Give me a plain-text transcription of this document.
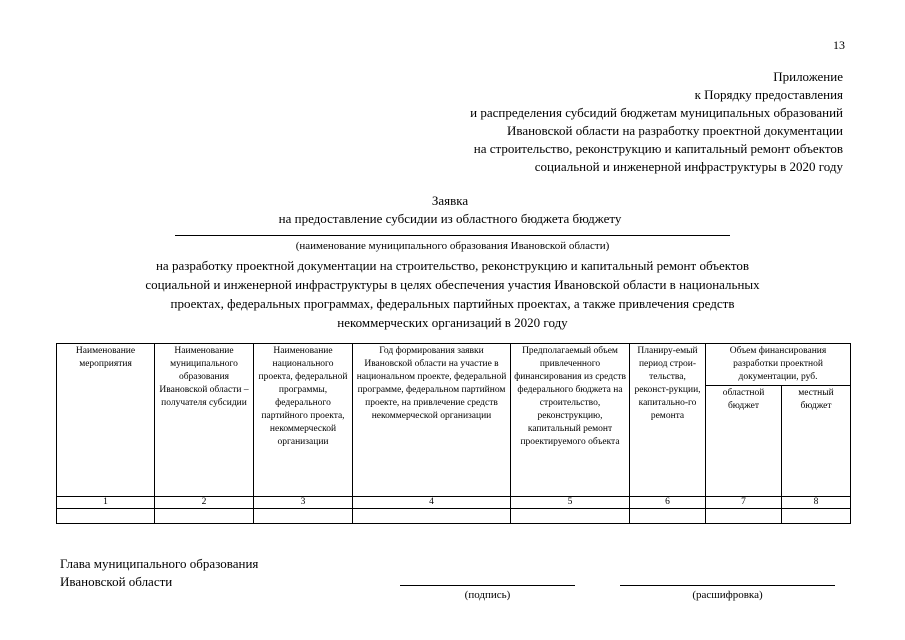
13
Приложение
к Порядку предоставления
и распределения субсидий бюджетам муниципальных образований
Ивановской области на разработку проектной документации
на строительство, реконструкцию и капитальный ремонт объектов
социальной и инженерной инфраструктуры в 2020 году
Заявка
на предоставление субсидии из областного бюджета бюджету
(наименование муниципального образования Ивановской области)
на разработку проектной документации на строительство, реконструкцию и капитальный ремонт объектов
социальной и инженерной инфраструктуры в целях обеспечения участия Ивановской области в национальных
проектах, федеральных программах, федеральных партийных проектах, а также привлечения средств
некоммерческих организаций в 2020 году
Наименование мероприятия	Наименование муниципального образования Ивановской области – получателя субсидии	Наименование национального проекта, федеральной программы, федерального партийного проекта, некоммерческой организации	Год формирования заявки Ивановской области на участие в национальном проекте, федеральной программе, федеральном партийном проекте, на привлечение средств некоммерческой организации	Предполагаемый объем привлеченного финансирования из средств федерального бюджета на строительство, реконструкцию, капитальный ремонт проектируемого объекта	Планиру-емый период строи-тельства, реконст-рукции, капитально-го ремонта	Объем финансирования разработки проектной документации, руб.	
						областной бюджет	местный бюджет
1	2	3	4	5	6	7	8

Глава муниципального образования
Ивановской области
(подпись)	(расшифровка)
